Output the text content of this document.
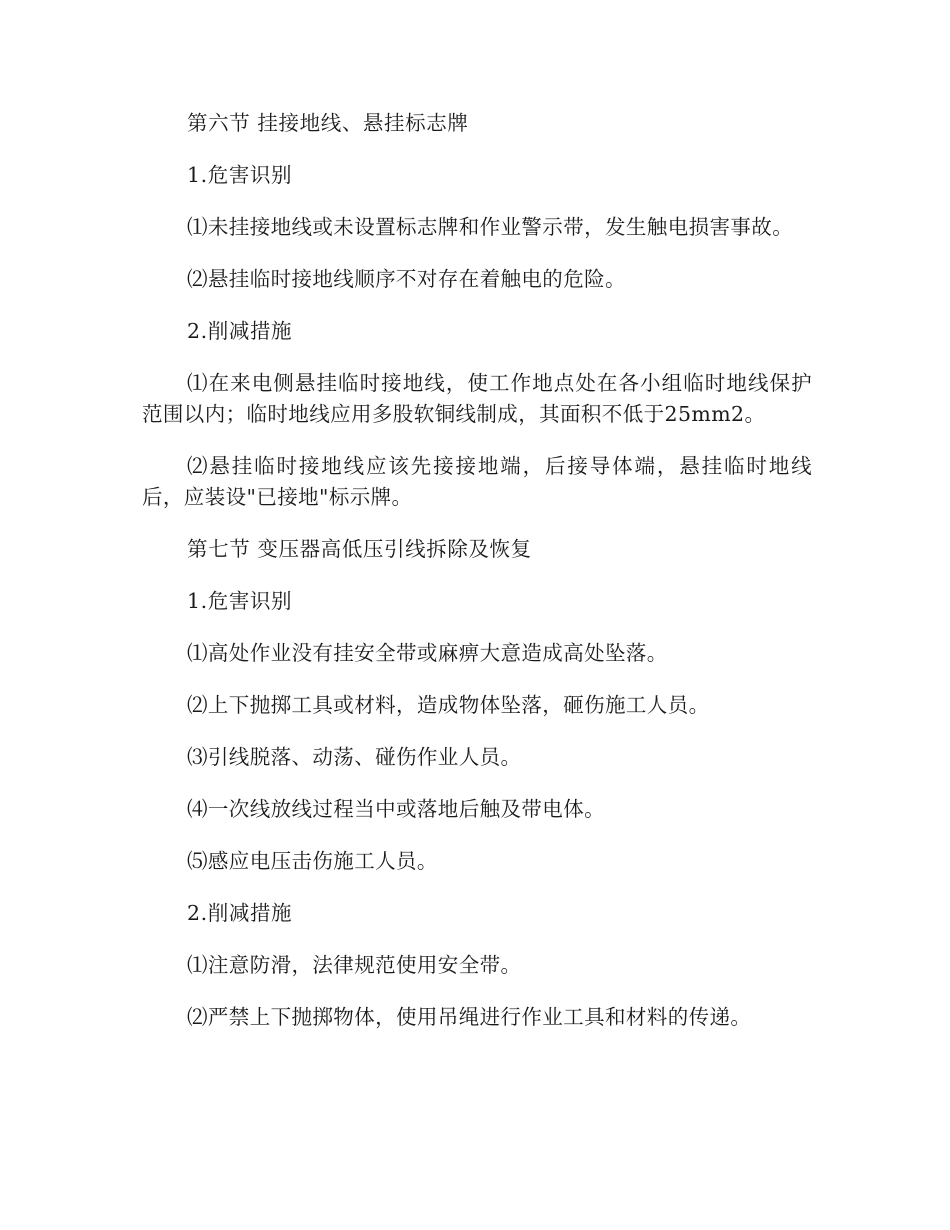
第六节 挂接地线、悬挂标志牌

1.危害识别

⑴未挂接地线或未设置标志牌和作业警示带，发生触电损害事故。

⑵悬挂临时接地线顺序不对存在着触电的危险。

2.削减措施

⑴在来电侧悬挂临时接地线，使工作地点处在各小组临时地线保护范围以内；临时地线应用多股软铜线制成，其面积不低于25mm2。

⑵悬挂临时接地线应该先接接地端，后接导体端，悬挂临时地线后，应装设"已接地"标示牌。

第七节 变压器高低压引线拆除及恢复

1.危害识别

⑴高处作业没有挂安全带或麻痹大意造成高处坠落。

⑵上下抛掷工具或材料，造成物体坠落，砸伤施工人员。

⑶引线脱落、动荡、碰伤作业人员。

⑷一次线放线过程当中或落地后触及带电体。

⑸感应电压击伤施工人员。

2.削减措施

⑴注意防滑，法律规范使用安全带。

⑵严禁上下抛掷物体，使用吊绳进行作业工具和材料的传递。
